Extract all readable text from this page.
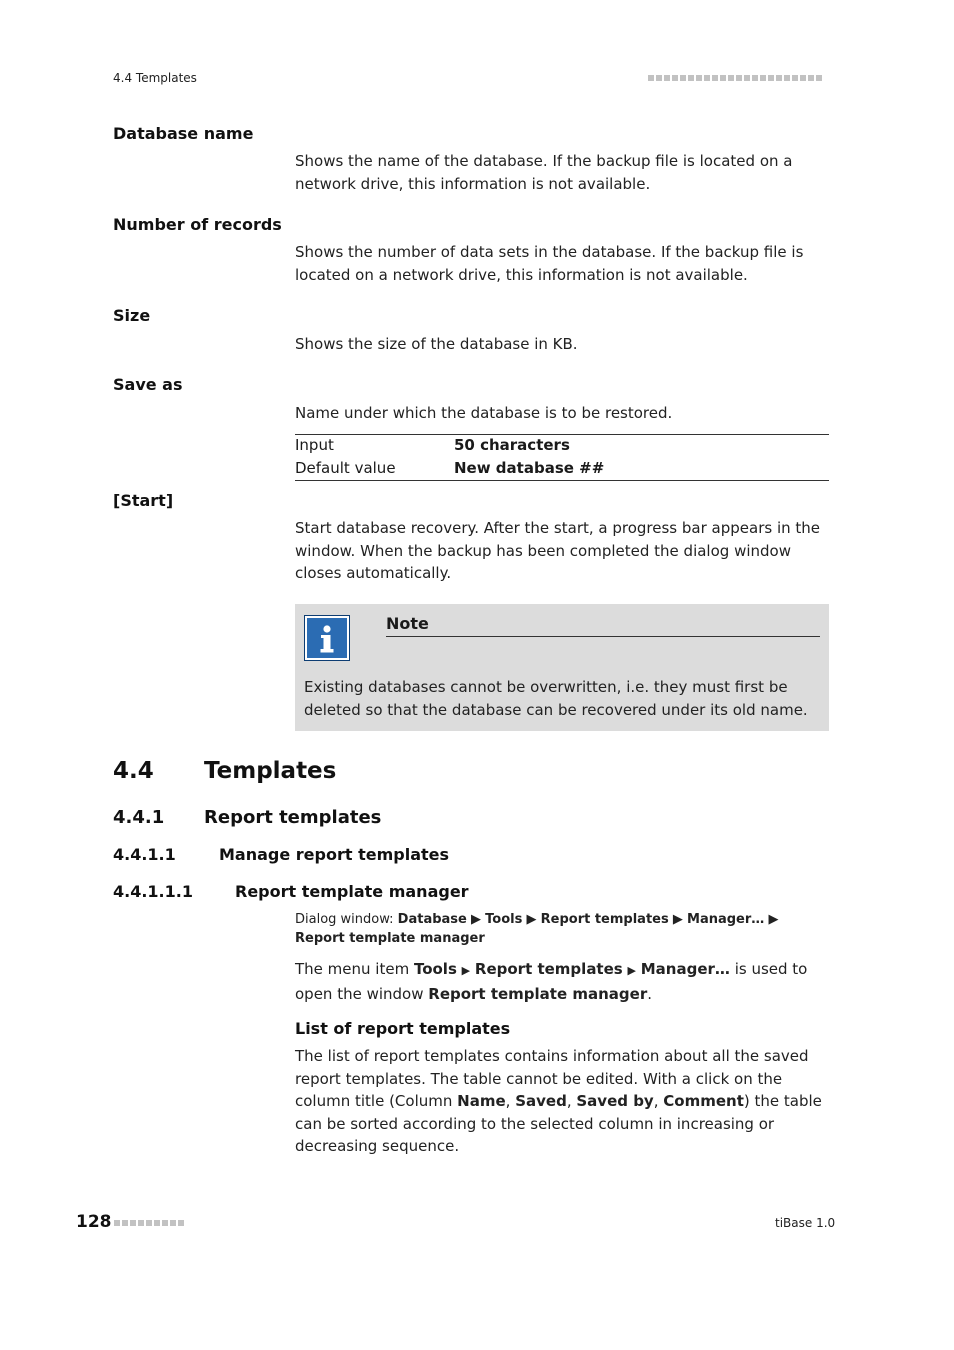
4.4 Templates
Database name
Shows the name of the database. If the backup file is located on a network drive, this information is not available.
Number of records
Shows the number of data sets in the database. If the backup file is located on a network drive, this information is not available.
Size
Shows the size of the database in KB.
Save as
Name under which the database is to be restored.
Input	50 characters
Default value	New database ##
[Start]
Start database recovery. After the start, a progress bar appears in the window. When the backup has been completed the dialog window closes automatically.
Note
Existing databases cannot be overwritten, i.e. they must first be deleted so that the database can be recovered under its old name.
4.4 Templates
4.4.1 Report templates
4.4.1.1	Manage report templates
4.4.1.1.1	Report template manager
Dialog window: Database ▶ Tools ▶ Report templates ▶ Manager… ▶ Report template manager
The menu item Tools ▶ Report templates ▶ Manager… is used to open the window Report template manager.
List of report templates
The list of report templates contains information about all the saved report templates. The table cannot be edited. With a click on the column title (Column Name, Saved, Saved by, Comment) the table can be sorted according to the selected column in increasing or decreasing sequence.
128	tiBase 1.0
